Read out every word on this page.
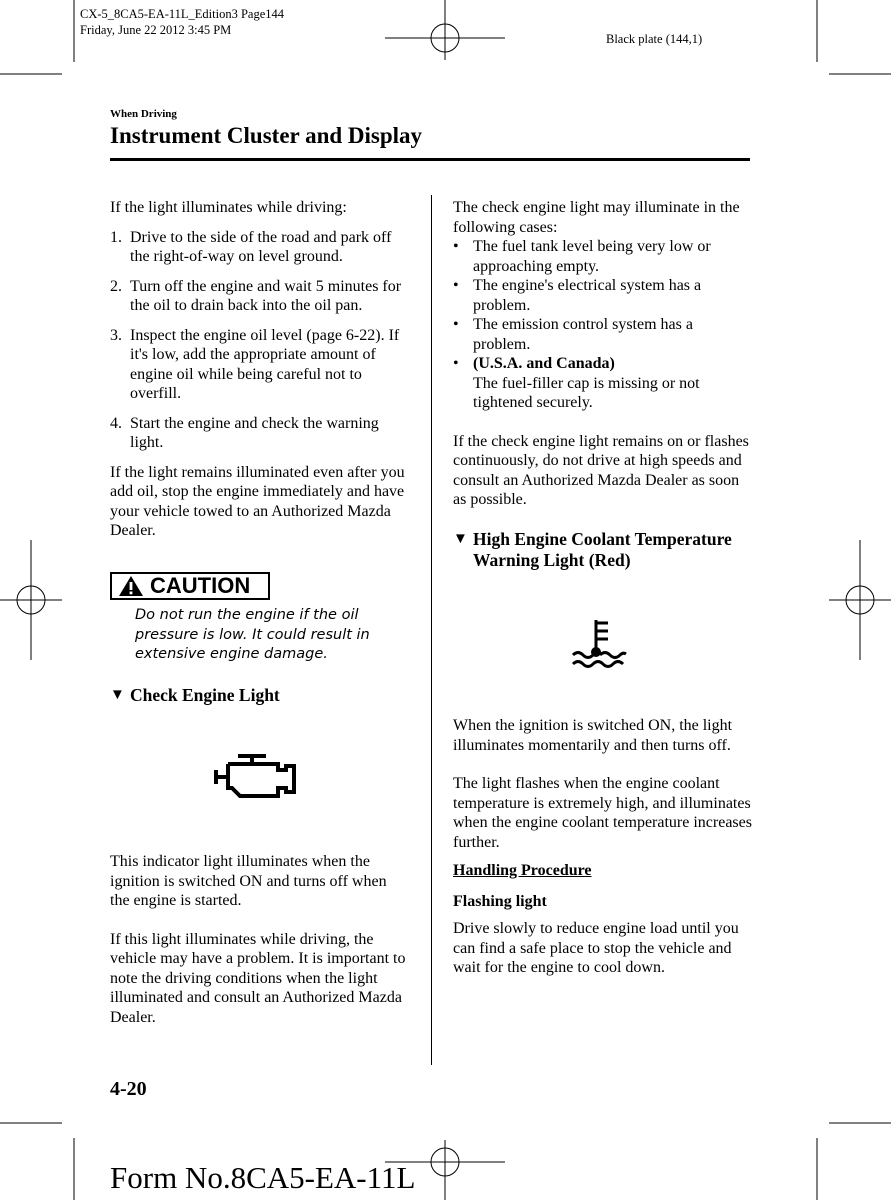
CX-5_8CA5-EA-11L_Edition3 Page144
Friday, June 22 2012 3:45 PM
Black plate (144,1)
When Driving
Instrument Cluster and Display

If the light illuminates while driving:

1. Drive to the side of the road and park off the right-of-way on level ground.
2. Turn off the engine and wait 5 minutes for the oil to drain back into the oil pan.
3. Inspect the engine oil level (page 6-22). If it's low, add the appropriate amount of engine oil while being careful not to overfill.
4. Start the engine and check the warning light.

If the light remains illuminated even after you add oil, stop the engine immediately and have your vehicle towed to an Authorized Mazda Dealer.

CAUTION
Do not run the engine if the oil pressure is low. It could result in extensive engine damage.
▼ Check Engine Light

This indicator light illuminates when the ignition is switched ON and turns off when the engine is started.

If this light illuminates while driving, the vehicle may have a problem. It is important to note the driving conditions when the light illuminated and consult an Authorized Mazda Dealer.

The check engine light may illuminate in the following cases:

• The fuel tank level being very low or approaching empty.
• The engine's electrical system has a problem.
• The emission control system has a problem.
• (U.S.A. and Canada)
The fuel-filler cap is missing or not tightened securely.

If the check engine light remains on or flashes continuously, do not drive at high speeds and consult an Authorized Mazda Dealer as soon as possible.

▼ High Engine Coolant Temperature Warning Light (Red)

When the ignition is switched ON, the light illuminates momentarily and then turns off.

The light flashes when the engine coolant temperature is extremely high, and illuminates when the engine coolant temperature increases further.

Handling Procedure

Flashing light

Drive slowly to reduce engine load until you can find a safe place to stop the vehicle and wait for the engine to cool down.

4-20
Form No.8CA5-EA-11L
